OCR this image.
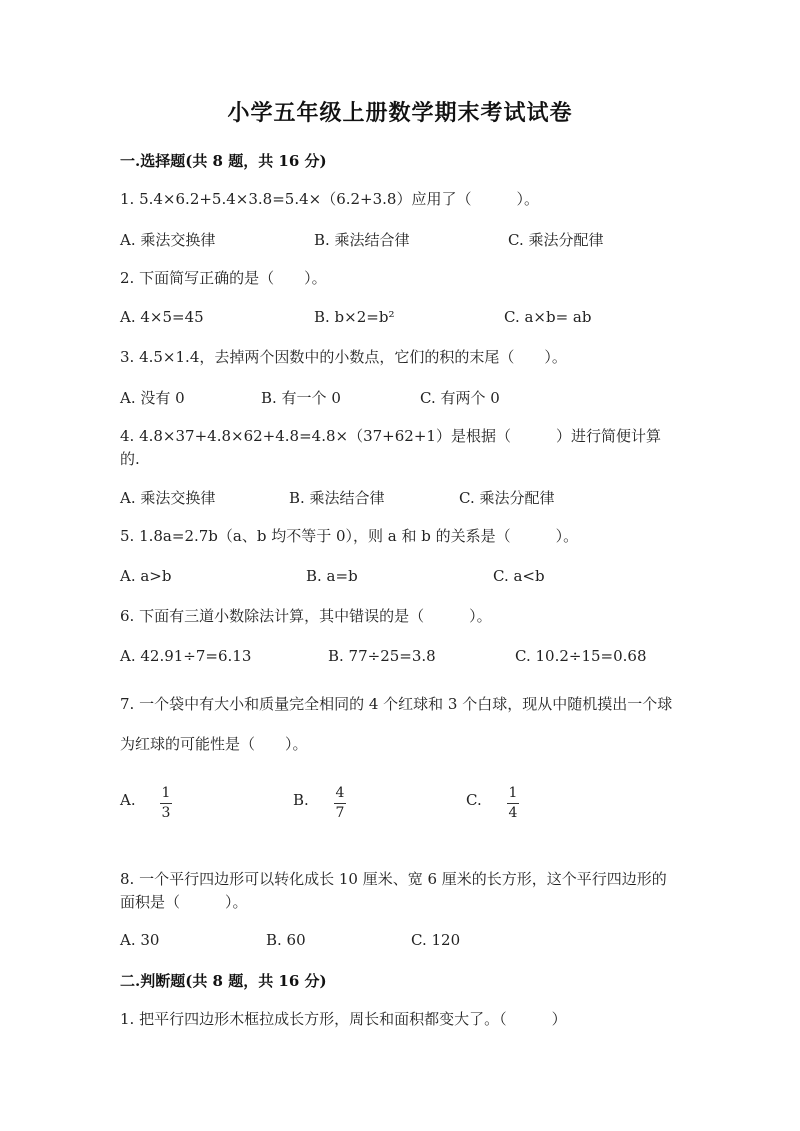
小学五年级上册数学期末考试试卷
一.选择题(共 8 题，共 16 分)
1. 5.4×6.2+5.4×3.8=5.4×（6.2+3.8）应用了（　　　）。
A. 乘法交换律	B. 乘法结合律	C. 乘法分配律
2. 下面简写正确的是（　　）。
A. 4×5=45	B. b×2=b²	C. a×b= ab
3. 4.5×1.4，去掉两个因数中的小数点，它们的积的末尾（　　）。
A. 没有 0	B. 有一个 0	C. 有两个 0
4. 4.8×37+4.8×62+4.8=4.8×（37+62+1）是根据（　　　）进行简便计算的.
A. 乘法交换律	B. 乘法结合律	C. 乘法分配律
5. 1.8a=2.7b（a、b 均不等于 0），则 a 和 b 的关系是（　　　）。
A. a>b	B. a=b	C. a<b
6. 下面有三道小数除法计算，其中错误的是（　　　）。
A. 42.91÷7=6.13	B. 77÷25=3.8	C. 10.2÷15=0.68
7. 一个袋中有大小和质量完全相同的 4 个红球和 3 个白球，现从中随机摸出一个球为红球的可能性是（　　）。
A. 1
3
B. 4
7
C. 1
4
8. 一个平行四边形可以转化成长 10 厘米、宽 6 厘米的长方形，这个平行四边形的面积是（　　　）。
A. 30	B. 60	C. 120
二.判断题(共 8 题，共 16 分)
1. 把平行四边形木框拉成长方形，周长和面积都变大了。（　　　）
